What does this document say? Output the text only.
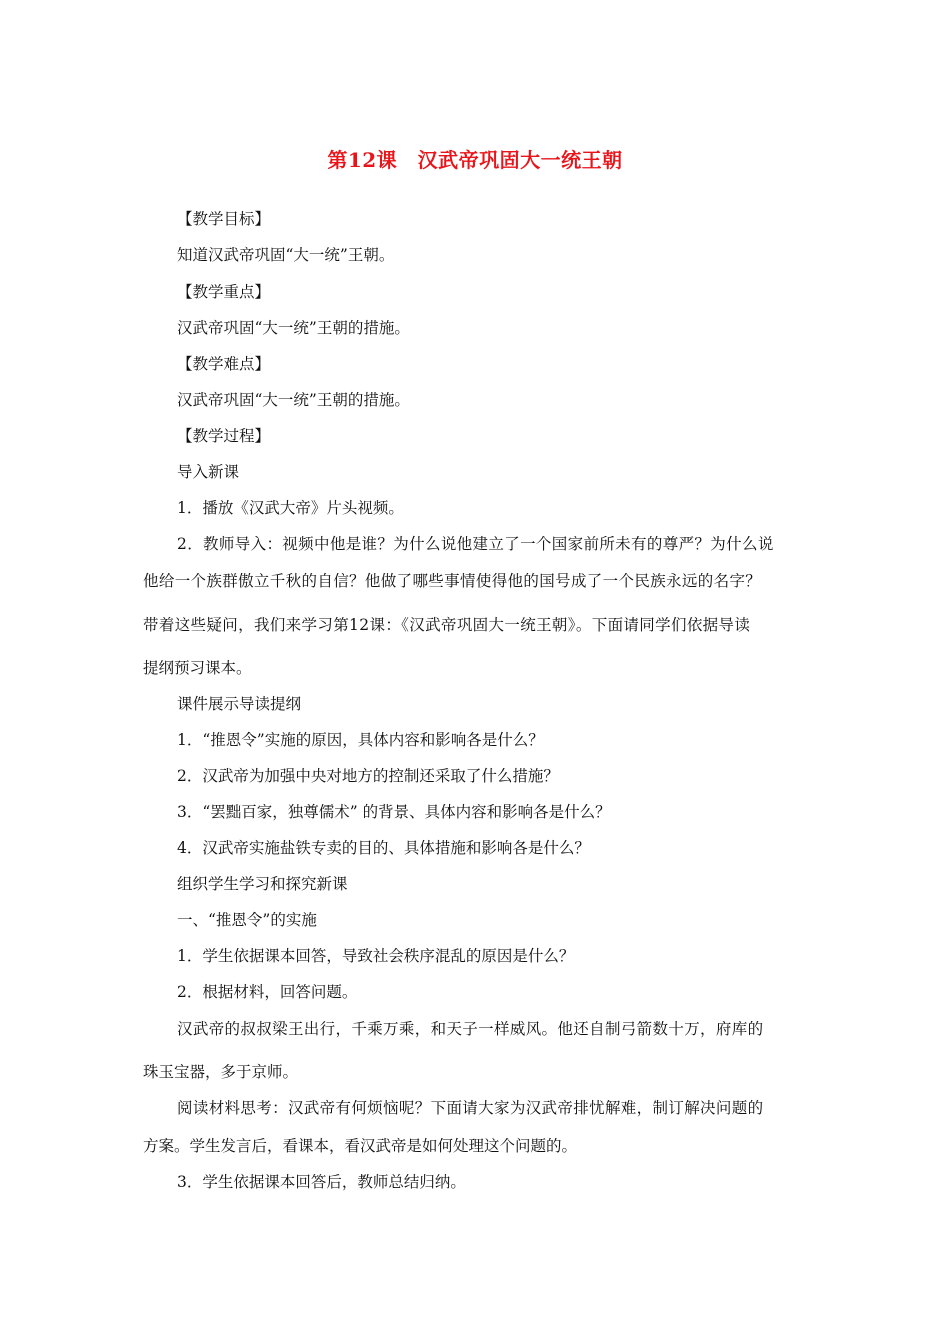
第12课　汉武帝巩固大一统王朝
【教学目标】
知道汉武帝巩固“大一统”王朝。
【教学重点】
汉武帝巩固“大一统”王朝的措施。
【教学难点】
汉武帝巩固“大一统”王朝的措施。
【教学过程】
导入新课
1．播放《汉武大帝》片头视频。
2．教师导入：视频中他是谁？为什么说他建立了一个国家前所未有的尊严？为什么说
他给一个族群傲立千秋的自信？他做了哪些事情使得他的国号成了一个民族永远的名字？
带着这些疑问，我们来学习第12课：《汉武帝巩固大一统王朝》。下面请同学们依据导读
提纲预习课本。
课件展示导读提纲
1．“推恩令”实施的原因，具体内容和影响各是什么？
2．汉武帝为加强中央对地方的控制还采取了什么措施？
3．“罢黜百家，独尊儒术” 的背景、具体内容和影响各是什么？
4．汉武帝实施盐铁专卖的目的、具体措施和影响各是什么？
组织学生学习和探究新课
一、“推恩令”的实施
1．学生依据课本回答，导致社会秩序混乱的原因是什么？
2．根据材料，回答问题。
汉武帝的叔叔梁王出行，千乘万乘，和天子一样威风。他还自制弓箭数十万，府库的
珠玉宝器，多于京师。
阅读材料思考：汉武帝有何烦恼呢？下面请大家为汉武帝排忧解难，制订解决问题的
方案。学生发言后，看课本，看汉武帝是如何处理这个问题的。
3．学生依据课本回答后，教师总结归纳。
